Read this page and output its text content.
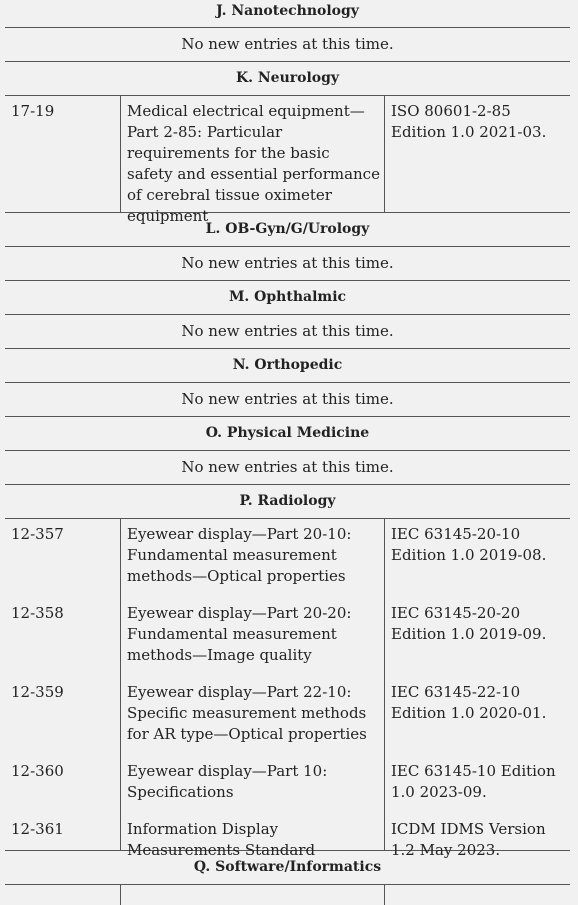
J. Nanotechnology
No new entries at this time.
K. Neurology
17-19	Medical electrical equipment—Part 2-85: Particular requirements for the basic safety and essential performance of cerebral tissue oximeter equipment
ISO 80601-2-85 Edition 1.0 2021-03.
L. OB-Gyn/G/Urology
No new entries at this time.
M. Ophthalmic
No new entries at this time.
N. Orthopedic
No new entries at this time.
O. Physical Medicine
No new entries at this time.
P. Radiology
12-357
12-358
12-359
12-360
12-361
Eyewear display—Part 20-10: Fundamental measurement methods—Optical properties
Eyewear display—Part 20-20: Fundamental measurement methods—Image quality
Eyewear display—Part 22-10: Specific measurement methods for AR type—Optical properties
Eyewear display—Part 10: Specifications
Information Display Measurements Standard
IEC 63145-20-10 Edition 1.0 2019-08.
IEC 63145-20-20 Edition 1.0 2019-09.
IEC 63145-22-10 Edition 1.0 2020-01.
IEC 63145-10 Edition 1.0 2023-09.
ICDM IDMS Version 1.2 May 2023.
Q. Software/Informatics
